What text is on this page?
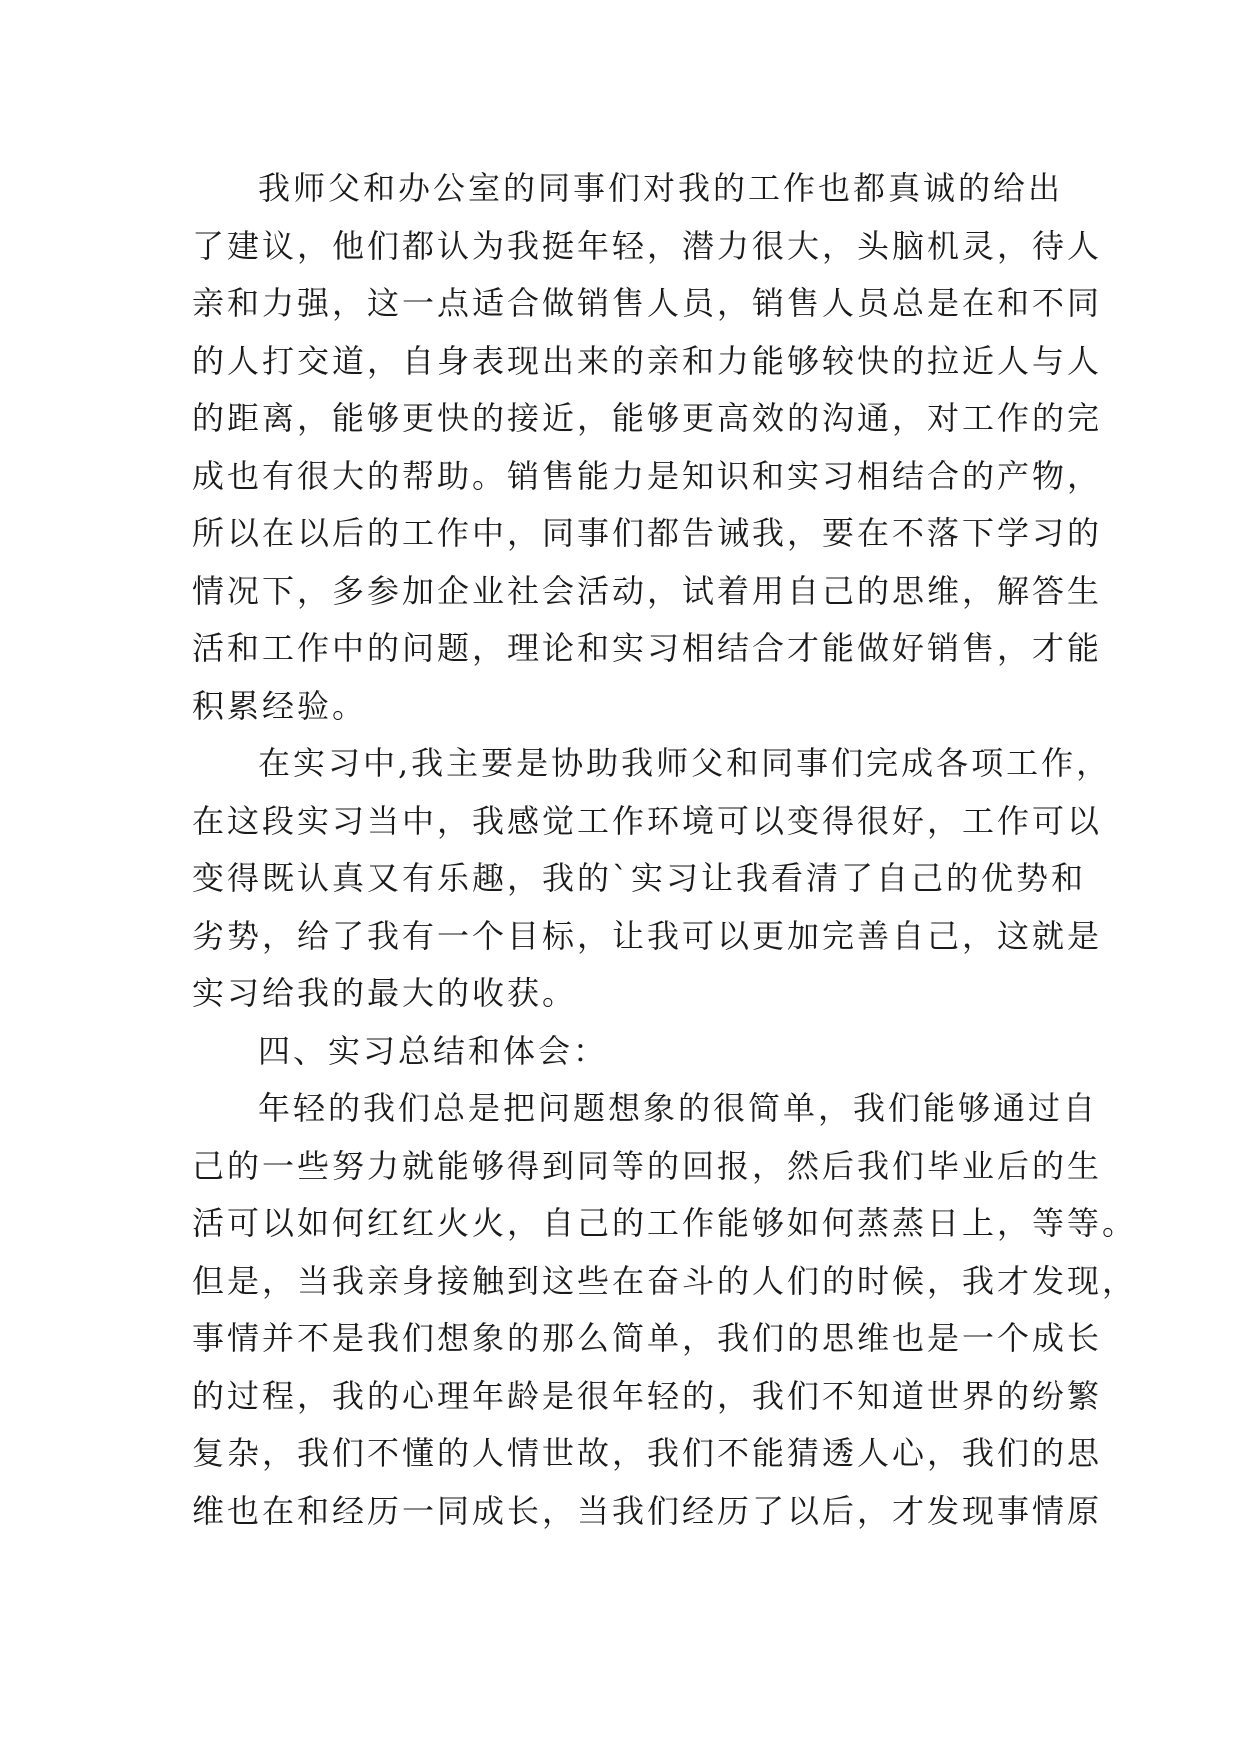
我师父和办公室的同事们对我的工作也都真诚的给出
了建议，他们都认为我挺年轻，潜力很大，头脑机灵，待人
亲和力强，这一点适合做销售人员，销售人员总是在和不同
的人打交道，自身表现出来的亲和力能够较快的拉近人与人
的距离，能够更快的接近，能够更高效的沟通，对工作的完
成也有很大的帮助。销售能力是知识和实习相结合的产物，
所以在以后的工作中，同事们都告诫我，要在不落下学习的
情况下，多参加企业社会活动，试着用自己的思维，解答生
活和工作中的问题，理论和实习相结合才能做好销售，才能
积累经验。
在实习中,我主要是协助我师父和同事们完成各项工作，
在这段实习当中，我感觉工作环境可以变得很好，工作可以
变得既认真又有乐趣，我的`实习让我看清了自己的优势和
劣势，给了我有一个目标，让我可以更加完善自己，这就是
实习给我的最大的收获。
四、实习总结和体会：
年轻的我们总是把问题想象的很简单，我们能够通过自
己的一些努力就能够得到同等的回报，然后我们毕业后的生
活可以如何红红火火，自己的工作能够如何蒸蒸日上，等等。
但是，当我亲身接触到这些在奋斗的人们的时候，我才发现，
事情并不是我们想象的那么简单，我们的思维也是一个成长
的过程，我的心理年龄是很年轻的，我们不知道世界的纷繁
复杂，我们不懂的人情世故，我们不能猜透人心，我们的思
维也在和经历一同成长，当我们经历了以后，才发现事情原
